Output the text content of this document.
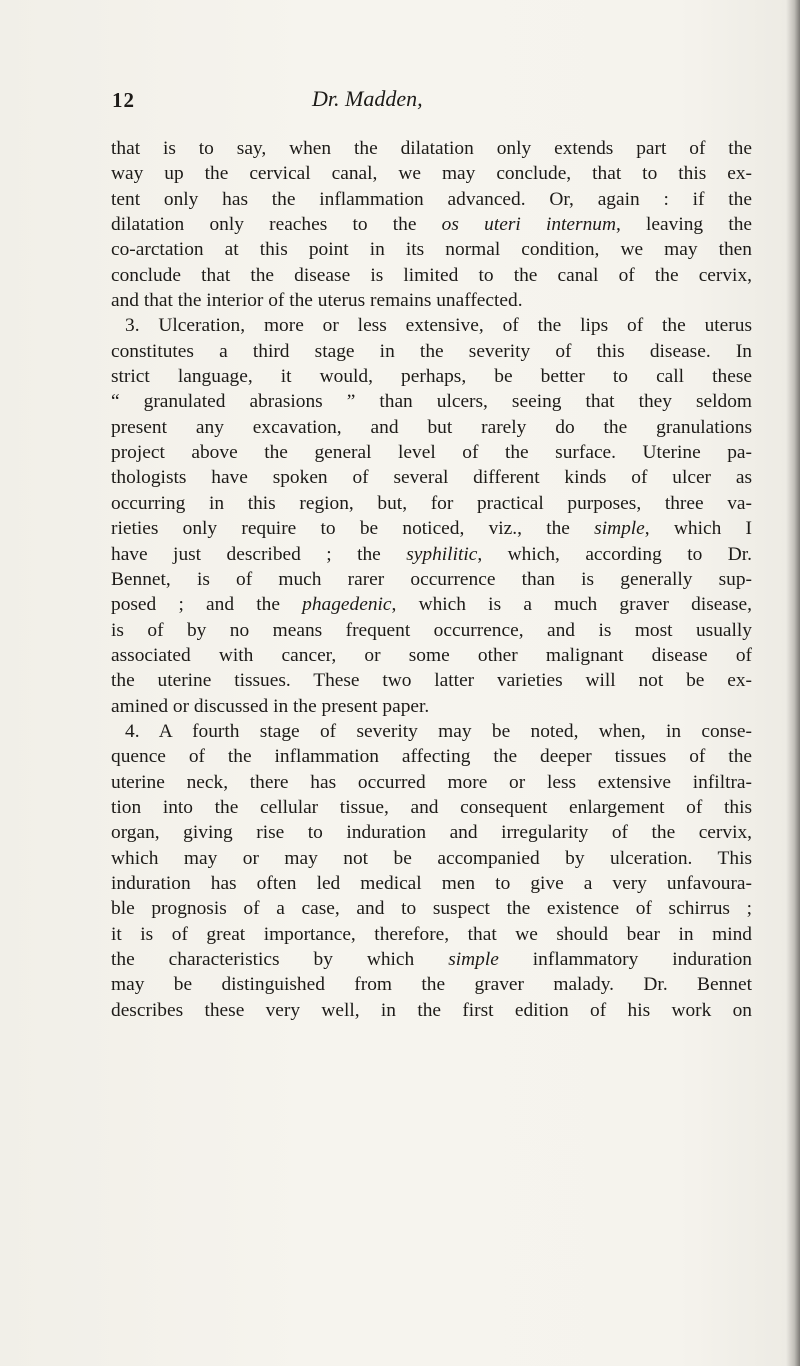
12	Dr. Madden,
that is to say, when the dilatation only extends part of the
way up the cervical canal, we may conclude, that to this ex-
tent only has the inflammation advanced. Or, again : if the
dilatation only reaches to the os uteri internum, leaving the
co-arctation at this point in its normal condition, we may then
conclude that the disease is limited to the canal of the cervix,
and that the interior of the uterus remains unaffected.
3. Ulceration, more or less extensive, of the lips of the uterus
constitutes a third stage in the severity of this disease. In
strict language, it would, perhaps, be better to call these
“ granulated abrasions ” than ulcers, seeing that they seldom
present any excavation, and but rarely do the granulations
project above the general level of the surface. Uterine pa-
thologists have spoken of several different kinds of ulcer as
occurring in this region, but, for practical purposes, three va-
rieties only require to be noticed, viz., the simple, which I
have just described ; the syphilitic, which, according to Dr.
Bennet, is of much rarer occurrence than is generally sup-
posed ; and the phagedenic, which is a much graver disease,
is of by no means frequent occurrence, and is most usually
associated with cancer, or some other malignant disease of
the uterine tissues. These two latter varieties will not be ex-
amined or discussed in the present paper.
4. A fourth stage of severity may be noted, when, in conse-
quence of the inflammation affecting the deeper tissues of the
uterine neck, there has occurred more or less extensive infiltra-
tion into the cellular tissue, and consequent enlargement of this
organ, giving rise to induration and irregularity of the cervix,
which may or may not be accompanied by ulceration. This
induration has often led medical men to give a very unfavoura-
ble prognosis of a case, and to suspect the existence of schirrus ;
it is of great importance, therefore, that we should bear in mind
the characteristics by which simple inflammatory induration
may be distinguished from the graver malady. Dr. Bennet
describes these very well, in the first edition of his work on
